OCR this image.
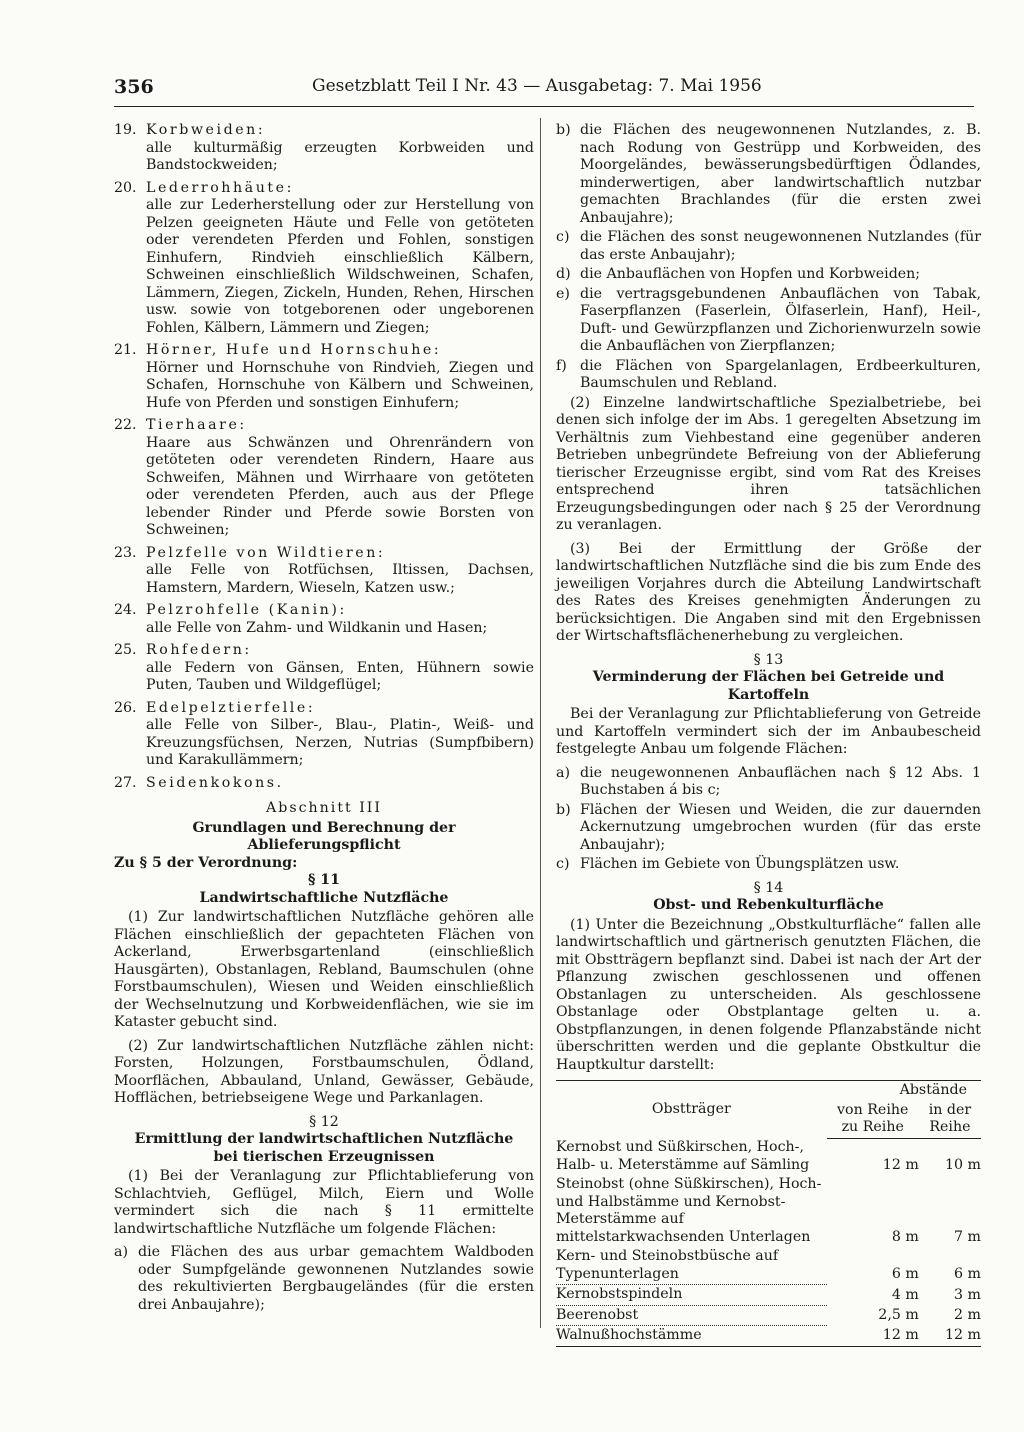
356	Gesetzblatt Teil I Nr. 43 — Ausgabetag: 7. Mai 1956
19. Korbweiden:
alle kulturmäßig erzeugten Korbweiden und Bandstockweiden;
20. Lederrohhäute:
alle zur Lederherstellung oder zur Herstellung von Pelzen geeigneten Häute und Felle von getöteten oder verendeten Pferden und Fohlen, sonstigen Einhufern, Rindvieh einschließlich Kälbern, Schweinen einschließlich Wildschweinen, Schafen, Lämmern, Ziegen, Zickeln, Hunden, Rehen, Hirschen usw. sowie von totgeborenen oder ungeborenen Fohlen, Kälbern, Lämmern und Ziegen;
21. Hörner, Hufe und Hornschuhe:
Hörner und Hornschuhe von Rindvieh, Ziegen und Schafen, Hornschuhe von Kälbern und Schweinen, Hufe von Pferden und sonstigen Einhufern;
22. Tierhaare:
Haare aus Schwänzen und Ohrenrändern von getöteten oder verendeten Rindern, Haare aus Schweifen, Mähnen und Wirrhaare von getöteten oder verendeten Pferden, auch aus der Pflege lebender Rinder und Pferde sowie Borsten von Schweinen;
23. Pelzfelle von Wildtieren:
alle Felle von Rotfüchsen, Iltissen, Dachsen, Hamstern, Mardern, Wieseln, Katzen usw.;
24. Pelzrohfelle (Kanin):
alle Felle von Zahm- und Wildkanin und Hasen;
25. Rohfedern:
alle Federn von Gänsen, Enten, Hühnern sowie Puten, Tauben und Wildgeflügel;
26. Edelpelztierfelle:
alle Felle von Silber-, Blau-, Platin-, Weiß- und Kreuzungsfüchsen, Nerzen, Nutrias (Sumpfbibern) und Karakullämmern;
27. Seidenkokons.
Abschnitt III
Grundlagen und Berechnung der Ablieferungspflicht
Zu § 5 der Verordnung:
§ 11
Landwirtschaftliche Nutzfläche
(1) Zur landwirtschaftlichen Nutzfläche gehören alle Flächen einschließlich der gepachteten Flächen von Ackerland, Erwerbsgartenland (einschließlich Hausgärten), Obstanlagen, Rebland, Baumschulen (ohne Forstbaumschulen), Wiesen und Weiden einschließlich der Wechselnutzung und Korbweidenflächen, wie sie im Kataster gebucht sind.
(2) Zur landwirtschaftlichen Nutzfläche zählen nicht: Forsten, Holzungen, Forstbaumschulen, Ödland, Moorflächen, Abbauland, Unland, Gewässer, Gebäude, Hofflächen, betriebseigene Wege und Parkanlagen.
§ 12
Ermittlung der landwirtschaftlichen Nutzfläche
bei tierischen Erzeugnissen
(1) Bei der Veranlagung zur Pflichtablieferung von Schlachtvieh, Geflügel, Milch, Eiern und Wolle vermindert sich die nach § 11 ermittelte landwirtschaftliche Nutzfläche um folgende Flächen:
a) die Flächen des aus urbar gemachtem Waldboden oder Sumpfgelände gewonnenen Nutzlandes sowie des rekultivierten Bergbaugeländes (für die ersten drei Anbaujahre);
b) die Flächen des neugewonnenen Nutzlandes, z. B. nach Rodung von Gestrüpp und Korbweiden, des Moorgeländes, bewässerungsbedürftigen Ödlandes, minderwertigen, aber landwirtschaftlich nutzbar gemachten Brachlandes (für die ersten zwei Anbaujahre);
c) die Flächen des sonst neugewonnenen Nutzlandes (für das erste Anbaujahr);
d) die Anbauflächen von Hopfen und Korbweiden;
e) die vertragsgebundenen Anbauflächen von Tabak, Faserpflanzen (Faserlein, Ölfaserlein, Hanf), Heil-, Duft- und Gewürzpflanzen und Zichorienwurzeln sowie die Anbauflächen von Zierpflanzen;
f) die Flächen von Spargelanlagen, Erdbeerkulturen, Baumschulen und Rebland.
(2) Einzelne landwirtschaftliche Spezialbetriebe, bei denen sich infolge der im Abs. 1 geregelten Absetzung im Verhältnis zum Viehbestand eine gegenüber anderen Betrieben unbegründete Befreiung von der Ablieferung tierischer Erzeugnisse ergibt, sind vom Rat des Kreises entsprechend ihren tatsächlichen Erzeugungsbedingungen oder nach § 25 der Verordnung zu veranlagen.
(3) Bei der Ermittlung der Größe der landwirtschaftlichen Nutzfläche sind die bis zum Ende des jeweiligen Vorjahres durch die Abteilung Landwirtschaft des Rates des Kreises genehmigten Änderungen zu berücksichtigen. Die Angaben sind mit den Ergebnissen der Wirtschaftsflächenerhebung zu vergleichen.
§ 13
Verminderung der Flächen bei Getreide und Kartoffeln
Bei der Veranlagung zur Pflichtablieferung von Getreide und Kartoffeln vermindert sich der im Anbaubescheid festgelegte Anbau um folgende Flächen:
a) die neugewonnenen Anbauflächen nach § 12 Abs. 1 Buchstaben á bis c;
b) Flächen der Wiesen und Weiden, die zur dauernden Ackernutzung umgebrochen wurden (für das erste Anbaujahr);
c) Flächen im Gebiete von Übungsplätzen usw.
§ 14
Obst- und Rebenkulturfläche
(1) Unter die Bezeichnung „Obstkulturfläche“ fallen alle landwirtschaftlich und gärtnerisch genutzten Flächen, die mit Obstträgern bepflanzt sind. Dabei ist nach der Art der Pflanzung zwischen geschlossenen und offenen Obstanlagen zu unterscheiden. Als geschlossene Obstanlage oder Obstplantage gelten u. a. Obstpflanzungen, in denen folgende Pflanzabstände nicht überschritten werden und die geplante Obstkultur die Hauptkultur darstellt:
Obstträger	Abstände	
	von Reihe zu Reihe	in der Reihe
Kernobst und Süßkirschen, Hoch-, Halb- u. Meterstämme auf Sämling	12 m	10 m
Steinobst (ohne Süßkirschen), Hoch- und Halbstämme und Kernobst-Meterstämme auf mittelstarkwachsenden Unterlagen	8 m	7 m
Kern- und Steinobstbüsche auf Typenunterlagen	6 m	6 m
Kernobstspindeln	4 m	3 m
Beerenobst	2,5 m	2 m
Walnußhochstämme	12 m	12 m
